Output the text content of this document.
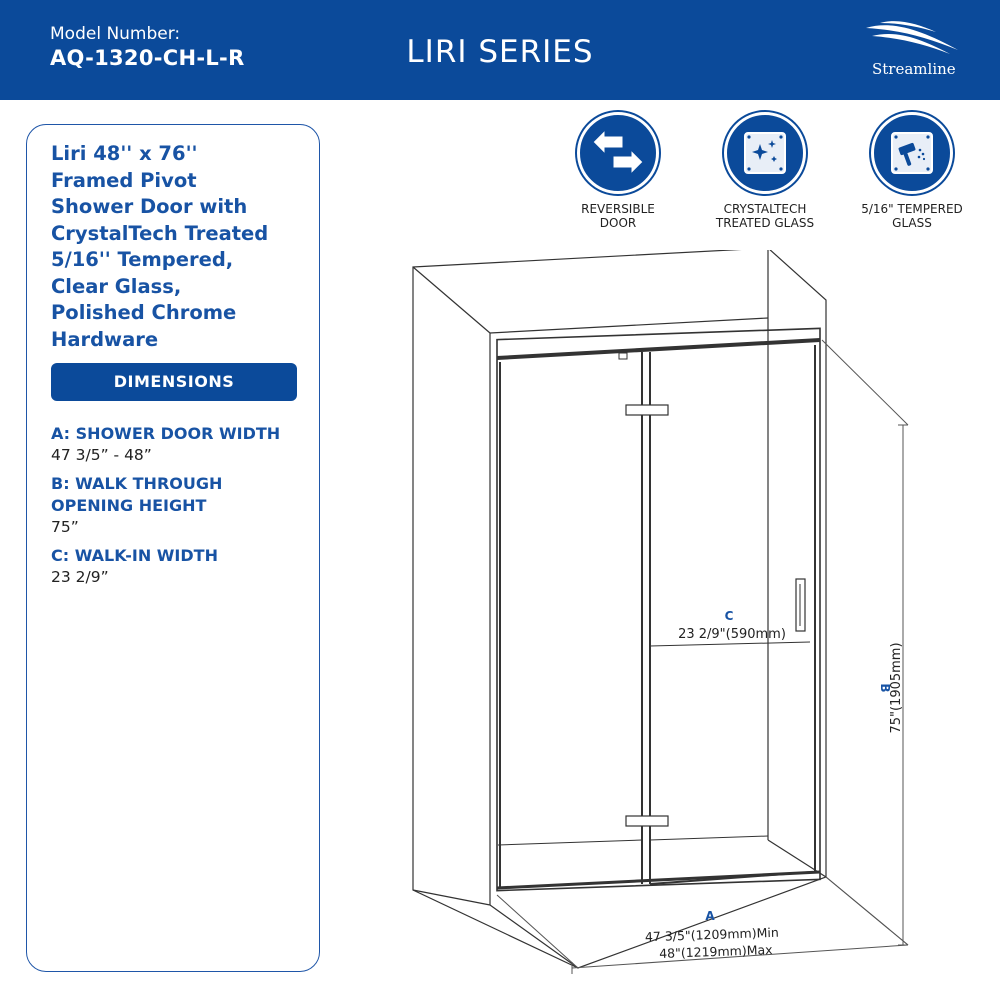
Model Number:
AQ-1320-CH-L-R	LIRI SERIES	Streamline
Liri 48'' x 76''
Framed Pivot
Shower Door with
CrystalTech Treated
5/16'' Tempered,
Clear Glass,
Polished Chrome
Hardware
DIMENSIONS
A: SHOWER DOOR WIDTH
47 3/5” - 48”
B: WALK THROUGH
OPENING HEIGHT
75”
C: WALK-IN WIDTH
23 2/9”
REVERSIBLE
DOOR
CRYSTALTECH
TREATED GLASS
5/16" TEMPERED
GLASS
C
23 2/9"(590mm)
B
75"(1905mm)
A
47 3/5"(1209mm)Min
48"(1219mm)Max
